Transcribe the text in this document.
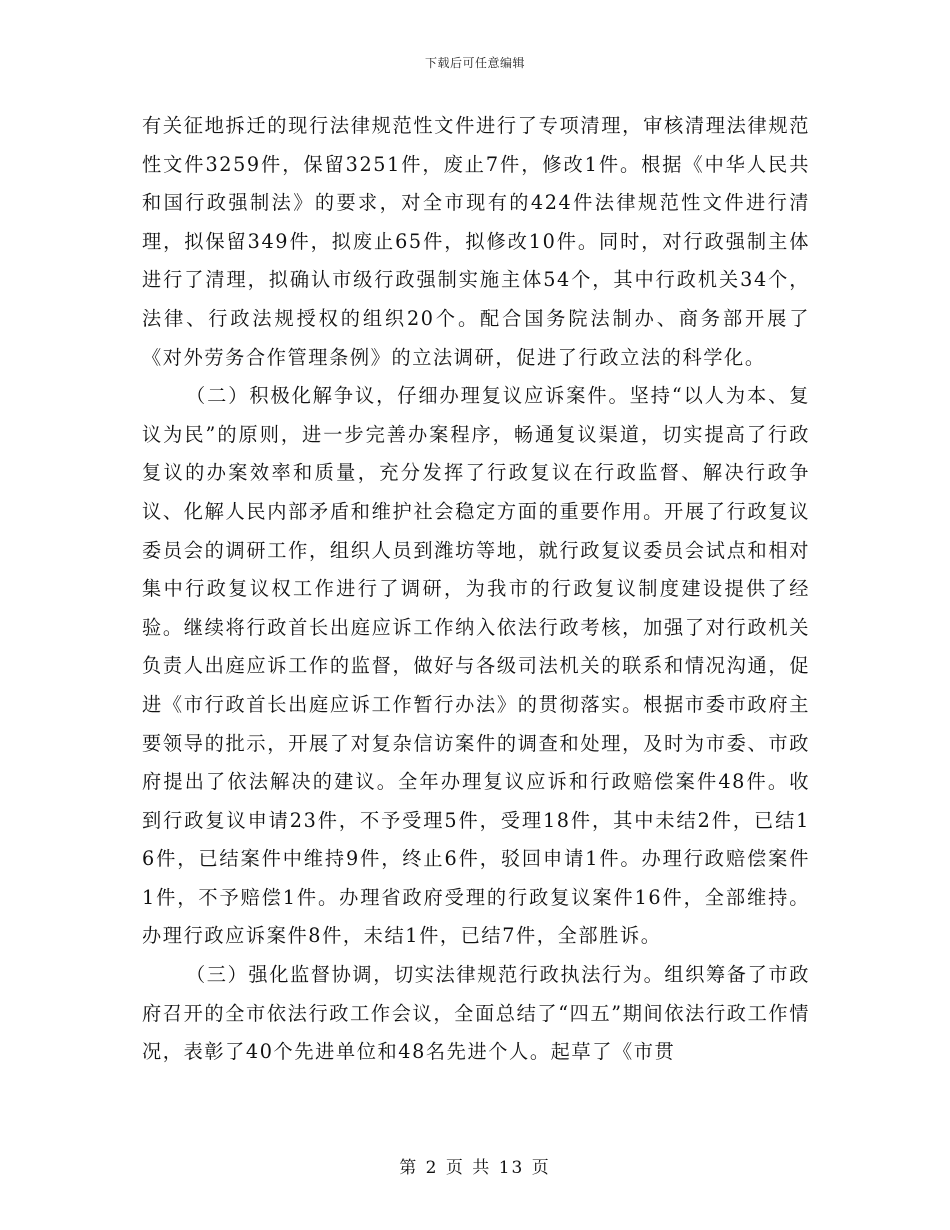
下载后可任意编辑

有关征地拆迁的现行法律规范性文件进行了专项清理，审核清理法律规范性文件3259件，保留3251件，废止7件，修改1件。根据《中华人民共和国行政强制法》的要求，对全市现有的424件法律规范性文件进行清理，拟保留349件，拟废止65件，拟修改10件。同时，对行政强制主体进行了清理，拟确认市级行政强制实施主体54个，其中行政机关34个，法律、行政法规授权的组织20个。配合国务院法制办、商务部开展了《对外劳务合作管理条例》的立法调研，促进了行政立法的科学化。

（二）积极化解争议，仔细办理复议应诉案件。坚持“以人为本、复议为民”的原则，进一步完善办案程序，畅通复议渠道，切实提高了行政复议的办案效率和质量，充分发挥了行政复议在行政监督、解决行政争议、化解人民内部矛盾和维护社会稳定方面的重要作用。开展了行政复议委员会的调研工作，组织人员到潍坊等地，就行政复议委员会试点和相对集中行政复议权工作进行了调研，为我市的行政复议制度建设提供了经验。继续将行政首长出庭应诉工作纳入依法行政考核，加强了对行政机关负责人出庭应诉工作的监督，做好与各级司法机关的联系和情况沟通，促进《市行政首长出庭应诉工作暂行办法》的贯彻落实。根据市委市政府主要领导的批示，开展了对复杂信访案件的调查和处理，及时为市委、市政府提出了依法解决的建议。全年办理复议应诉和行政赔偿案件48件。收到行政复议申请23件，不予受理5件，受理18件，其中未结2件，已结16件，已结案件中维持9件，终止6件，驳回申请1件。办理行政赔偿案件1件，不予赔偿1件。办理省政府受理的行政复议案件16件，全部维持。办理行政应诉案件8件，未结1件，已结7件，全部胜诉。

（三）强化监督协调，切实法律规范行政执法行为。组织筹备了市政府召开的全市依法行政工作会议，全面总结了“四五”期间依法行政工作情况，表彰了40个先进单位和48名先进个人。起草了《市贯

第 2 页 共 13 页
